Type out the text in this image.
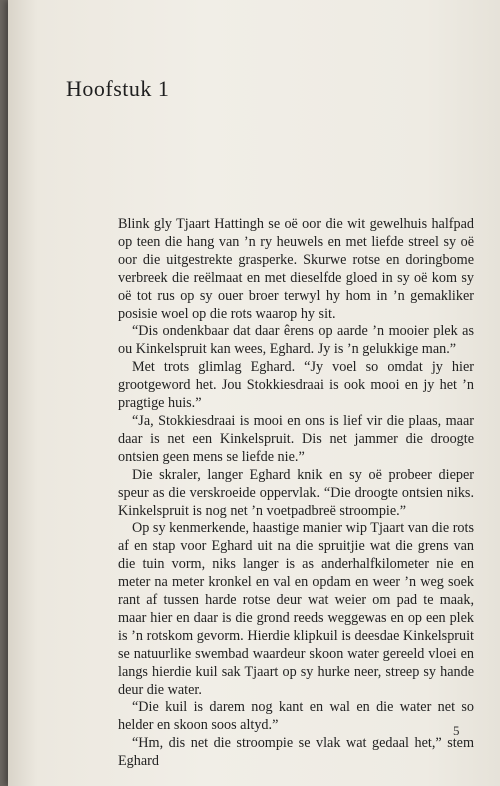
Hoofstuk 1

Blink gly Tjaart Hattingh se oë oor die wit gewelhuis halfpad op teen die hang van ’n ry heuwels en met liefde streel sy oë oor die uitgestrekte grasperke. Skurwe rotse en doringbome verbreek die reëlmaat en met dieselfde gloed in sy oë kom sy oë tot rus op sy ouer broer terwyl hy hom in ’n gemakliker posisie woel op die rots waarop hy sit.

“Dis ondenkbaar dat daar êrens op aarde ’n mooier plek as ou Kinkelspruit kan wees, Eghard. Jy is ’n gelukkige man.”

Met trots glimlag Eghard. “Jy voel so omdat jy hier grootgeword het. Jou Stokkiesdraai is ook mooi en jy het ’n pragtige huis.”

“Ja, Stokkiesdraai is mooi en ons is lief vir die plaas, maar daar is net een Kinkelspruit. Dis net jammer die droogte ontsien geen mens se liefde nie.”

Die skraler, langer Eghard knik en sy oë probeer dieper speur as die verskroeide oppervlak. “Die droogte ontsien niks. Kinkelspruit is nog net ’n voetpadbreë stroompie.”

Op sy kenmerkende, haastige manier wip Tjaart van die rots af en stap voor Eghard uit na die spruitjie wat die grens van die tuin vorm, niks langer is as anderhalfkilometer nie en meter na meter kronkel en val en opdam en weer ’n weg soek rant af tussen harde rotse deur wat weier om pad te maak, maar hier en daar is die grond reeds weggewas en op een plek is ’n rotskom gevorm. Hierdie klipkuil is deesdae Kinkelspruit se natuurlike swembad waardeur skoon water gereeld vloei en langs hierdie kuil sak Tjaart op sy hurke neer, streep sy hande deur die water.

“Die kuil is darem nog kant en wal en die water net so helder en skoon soos altyd.”

“Hm, dis net die stroompie se vlak wat gedaal het,” stem Eghard

5
